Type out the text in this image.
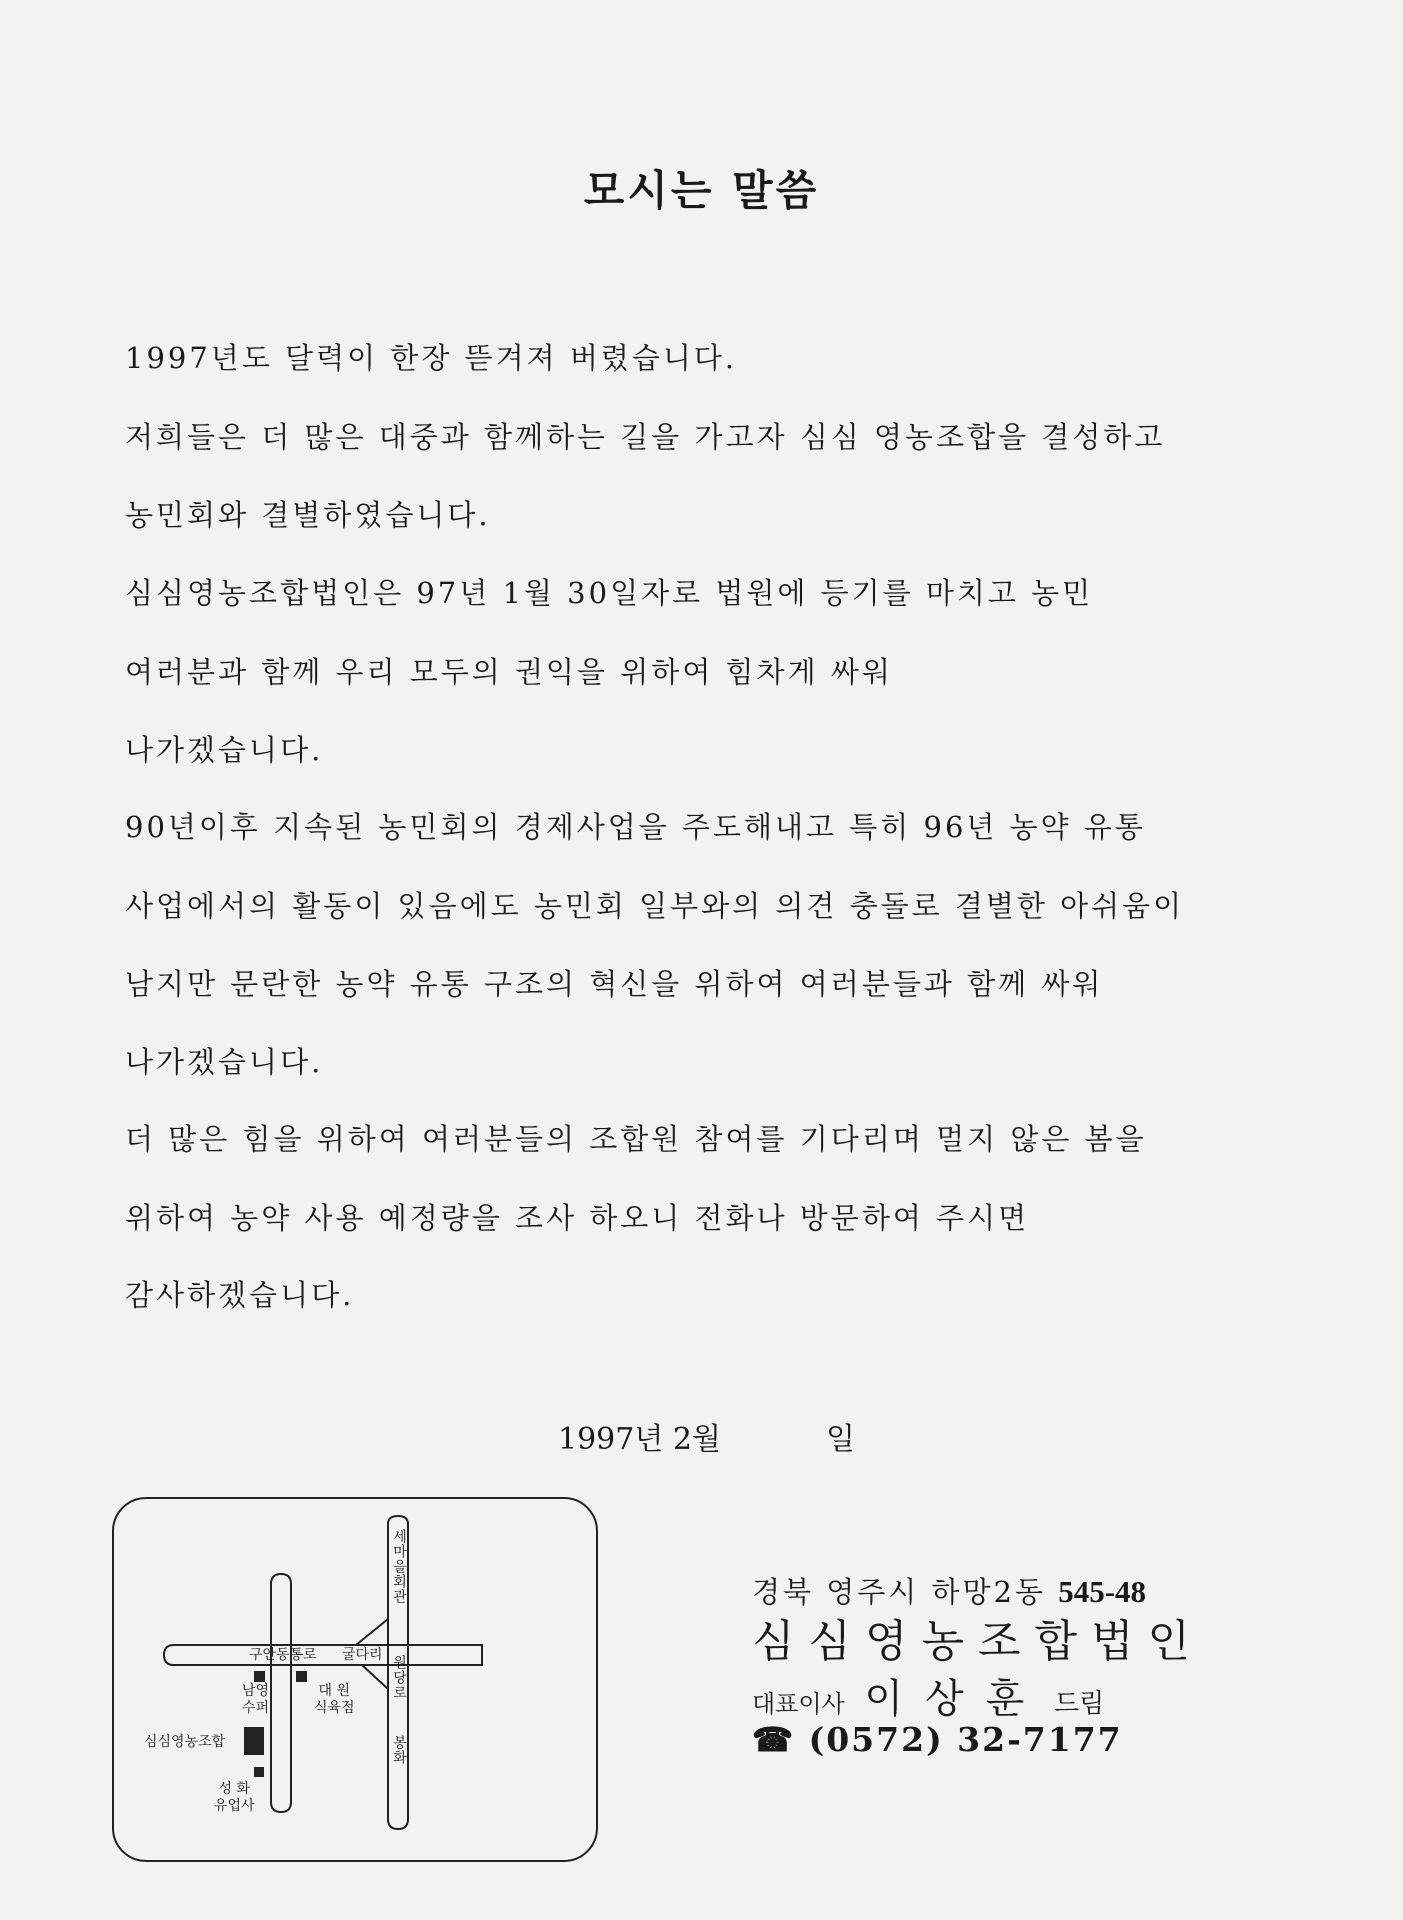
모시는 말씀
1997년도 달력이 한장 뜯겨져 버렸습니다.
저희들은 더 많은 대중과 함께하는 길을 가고자 심심 영농조합을 결성하고
농민회와 결별하였습니다.
심심영농조합법인은 97년 1월 30일자로 법원에 등기를 마치고 농민
여러분과 함께 우리 모두의 권익을 위하여 힘차게 싸워
나가겠습니다.
90년이후 지속된 농민회의 경제사업을 주도해내고 특히 96년 농약 유통
사업에서의 활동이 있음에도 농민회 일부와의 의견 충돌로 결별한 아쉬움이
남지만 문란한 농약 유통 구조의 혁신을 위하여 여러분들과 함께 싸워
나가겠습니다.
더 많은 힘을 위하여 여러분들의 조합원 참여를 기다리며 멀지 않은 봄을
위하여 농약 사용 예정량을 조사 하오니 전화나 방문하여 주시면
감사하겠습니다.
1997년 2월	일
세마을회관
원당로
봉화
구안동통로 굴다리
남영
수퍼
대 원
식육점
심심영농조합
성 화
유업사
경북 영주시 하망2동 545-48
심심영농조합법인
대표이사 이상훈 드림
☎ (0572) 32-7177
